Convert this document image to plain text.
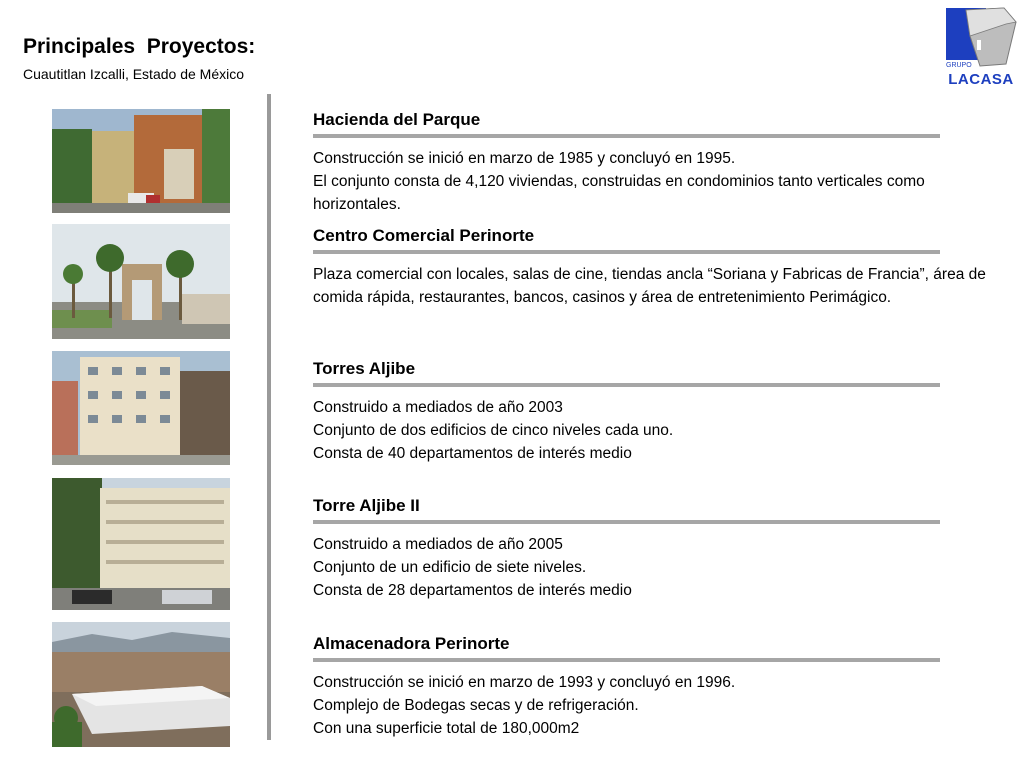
Principales  Proyectos:
Cuautitlan Izcalli, Estado de México
GRUPO
LACASA
Hacienda del Parque
Construcción se inició en marzo de 1985 y concluyó en 1995.
El conjunto consta de 4,120 viviendas, construidas en condominios tanto verticales como horizontales.
Centro Comercial Perinorte
Plaza comercial con locales, salas de cine, tiendas ancla “Soriana y Fabricas de Francia”, área de comida rápida, restaurantes, bancos, casinos y área de entretenimiento Perimágico.
Torres Aljibe
Construido a mediados de año 2003
Conjunto de dos edificios de cinco niveles cada uno.
Consta de 40 departamentos de interés medio
Torre Aljibe II
Construido a mediados de año 2005
Conjunto de un edificio de siete niveles.
Consta de 28 departamentos de interés medio
Almacenadora Perinorte
Construcción se inició en marzo de 1993 y concluyó en 1996.
Complejo de Bodegas secas y de refrigeración.
Con una superficie total de 180,000m2
